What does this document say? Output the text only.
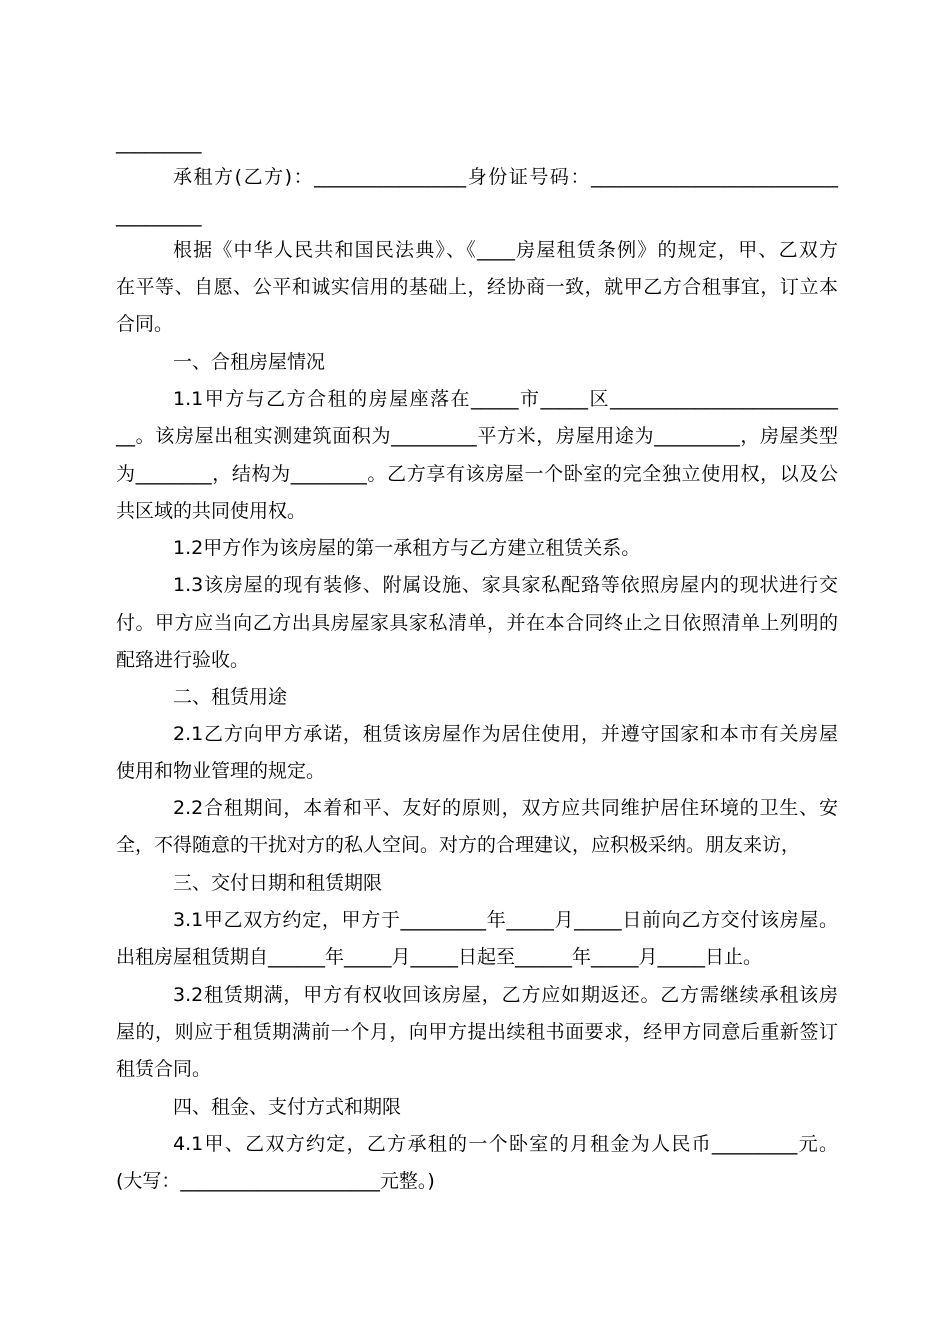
_________
承租方(乙方)：________________身份证号码：__________________________
_________
根据《中华人民共和国民法典》、《____房屋租赁条例》的规定，甲、乙双方
在平等、自愿、公平和诚实信用的基础上，经协商一致，就甲乙方合租事宜，订立本
合同。
一、合租房屋情况
1.1甲方与乙方合租的房屋座落在_____市_____区________________________
__。该房屋出租实测建筑面积为_________平方米，房屋用途为_________，房屋类型
为________，结构为________。乙方享有该房屋一个卧室的完全独立使用权，以及公
共区域的共同使用权。
1.2甲方作为该房屋的第一承租方与乙方建立租赁关系。
1.3该房屋的现有装修、附属设施、家具家私配臵等依照房屋内的现状进行交
付。甲方应当向乙方出具房屋家具家私清单，并在本合同终止之日依照清单上列明的
配臵进行验收。
二、租赁用途
2.1乙方向甲方承诺，租赁该房屋作为居住使用，并遵守国家和本市有关房屋
使用和物业管理的规定。
2.2合租期间，本着和平、友好的原则，双方应共同维护居住环境的卫生、安
全，不得随意的干扰对方的私人空间。对方的合理建议，应积极采纳。朋友来访，
三、交付日期和租赁期限
3.1甲乙双方约定，甲方于_________年_____月_____日前向乙方交付该房屋。
出租房屋租赁期自______年_____月_____日起至______年_____月_____日止。
3.2租赁期满，甲方有权收回该房屋，乙方应如期返还。乙方需继续承租该房
屋的，则应于租赁期满前一个月，向甲方提出续租书面要求，经甲方同意后重新签订
租赁合同。
四、租金、支付方式和期限
4.1甲、乙双方约定，乙方承租的一个卧室的月租金为人民币_________元。
(大写：_____________________元整。)
